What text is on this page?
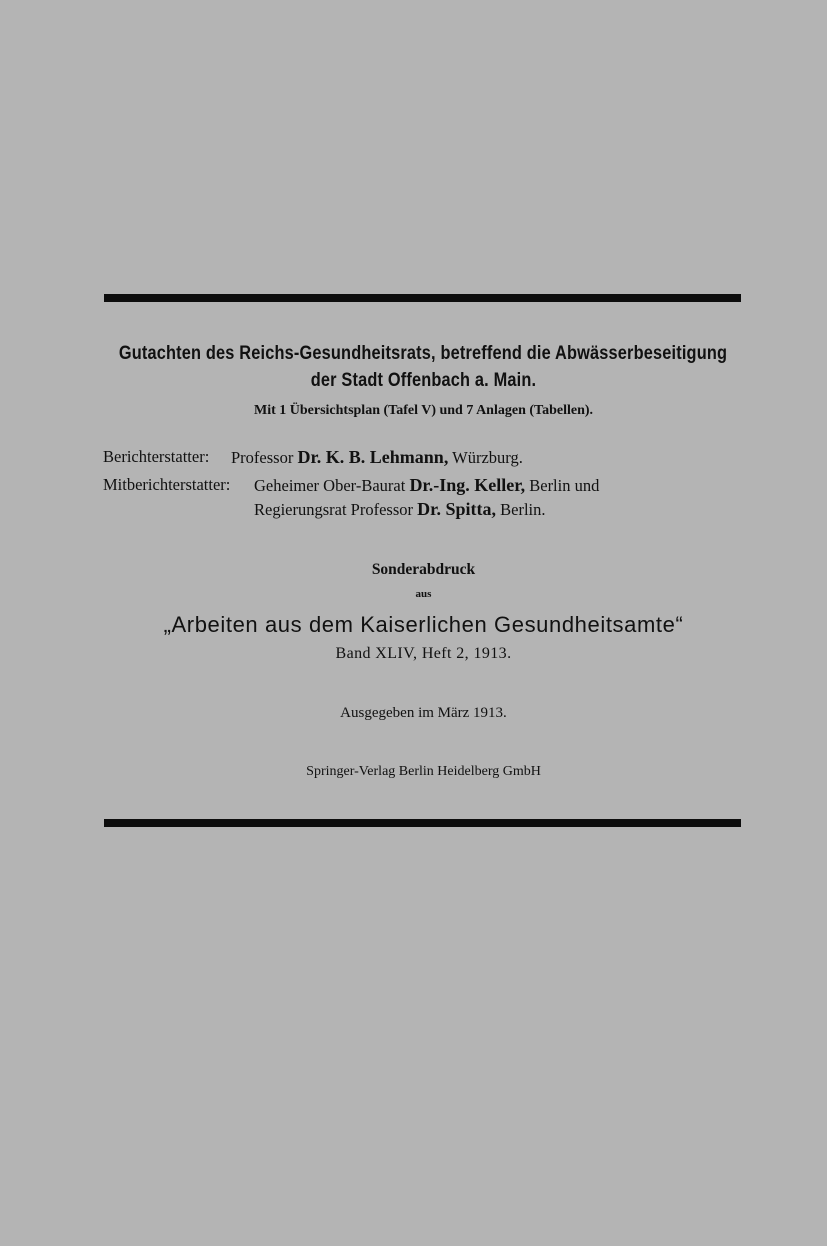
Gutachten des Reichs-Gesundheitsrats, betreffend die Abwässerbeseitigung
der Stadt Offenbach a. Main.
Mit 1 Übersichtsplan (Tafel V) und 7 Anlagen (Tabellen).
Berichterstatter: Professor Dr. K. B. Lehmann, Würzburg.
Mitberichterstatter: Geheimer Ober-Baurat Dr.-Ing. Keller, Berlin und
Regierungsrat Professor Dr. Spitta, Berlin.
Sonderabdruck
aus
„Arbeiten aus dem Kaiserlichen Gesundheitsamte“
Band XLIV, Heft 2, 1913.
Ausgegeben im März 1913.
Springer-Verlag Berlin Heidelberg GmbH
